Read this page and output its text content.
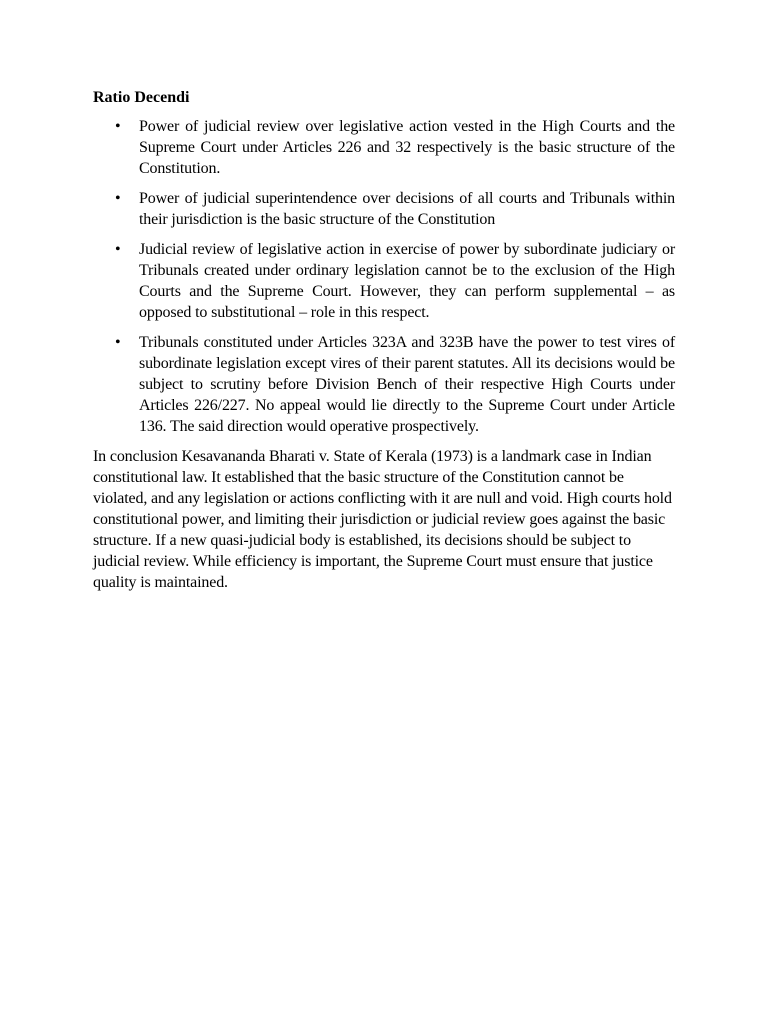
Ratio Decendi
• Power of judicial review over legislative action vested in the High Courts and the Supreme Court under Articles 226 and 32 respectively is the basic structure of the Constitution.
• Power of judicial superintendence over decisions of all courts and Tribunals within their jurisdiction is the basic structure of the Constitution
• Judicial review of legislative action in exercise of power by subordinate judiciary or Tribunals created under ordinary legislation cannot be to the exclusion of the High Courts and the Supreme Court. However, they can perform supplemental – as opposed to substitutional – role in this respect.
• Tribunals constituted under Articles 323A and 323B have the power to test vires of subordinate legislation except vires of their parent statutes. All its decisions would be subject to scrutiny before Division Bench of their respective High Courts under Articles 226/227. No appeal would lie directly to the Supreme Court under Article 136. The said direction would operative prospectively.

In conclusion Kesavananda Bharati v. State of Kerala (1973) is a landmark case in Indian constitutional law. It established that the basic structure of the Constitution cannot be violated, and any legislation or actions conflicting with it are null and void. High courts hold constitutional power, and limiting their jurisdiction or judicial review goes against the basic structure. If a new quasi-judicial body is established, its decisions should be subject to judicial review. While efficiency is important, the Supreme Court must ensure that justice quality is maintained.
